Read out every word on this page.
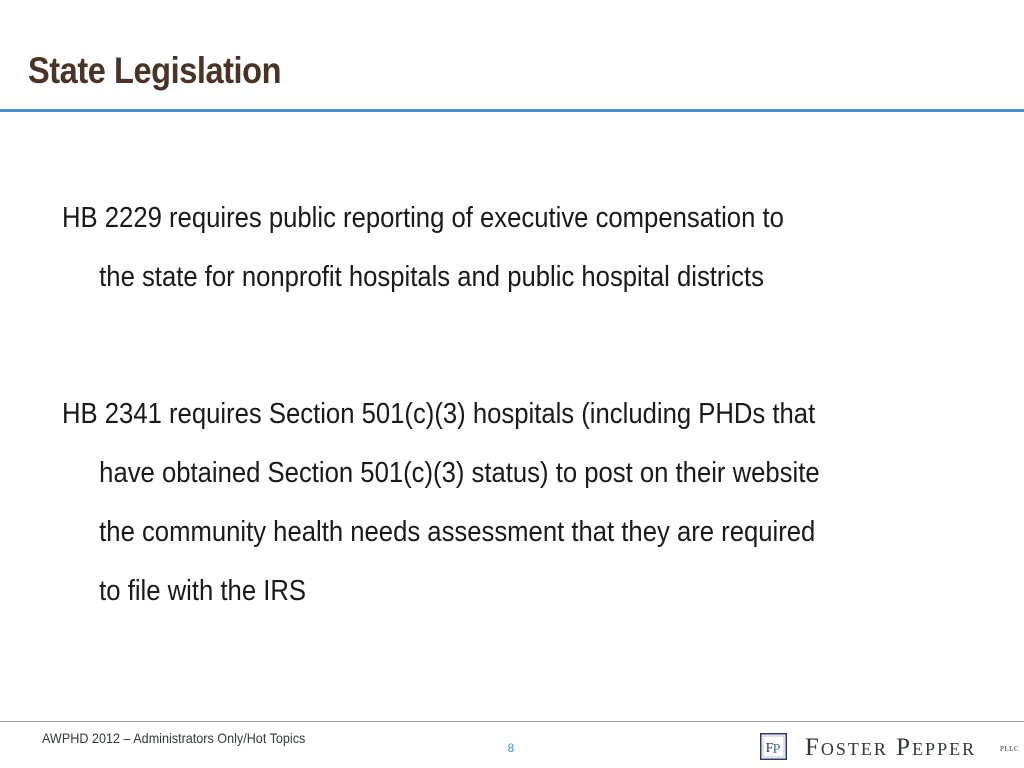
State Legislation
HB 2229 requires public reporting of executive compensation to
the state for nonprofit hospitals and public hospital districts
HB 2341 requires Section 501(c)(3) hospitals (including PHDs that
have obtained Section 501(c)(3) status) to post on their website
the community health needs assessment that they are required
to file with the IRS
AWPHD 2012 – Administrators Only/Hot Topics
8	F P Foster Pepper	PLLC
